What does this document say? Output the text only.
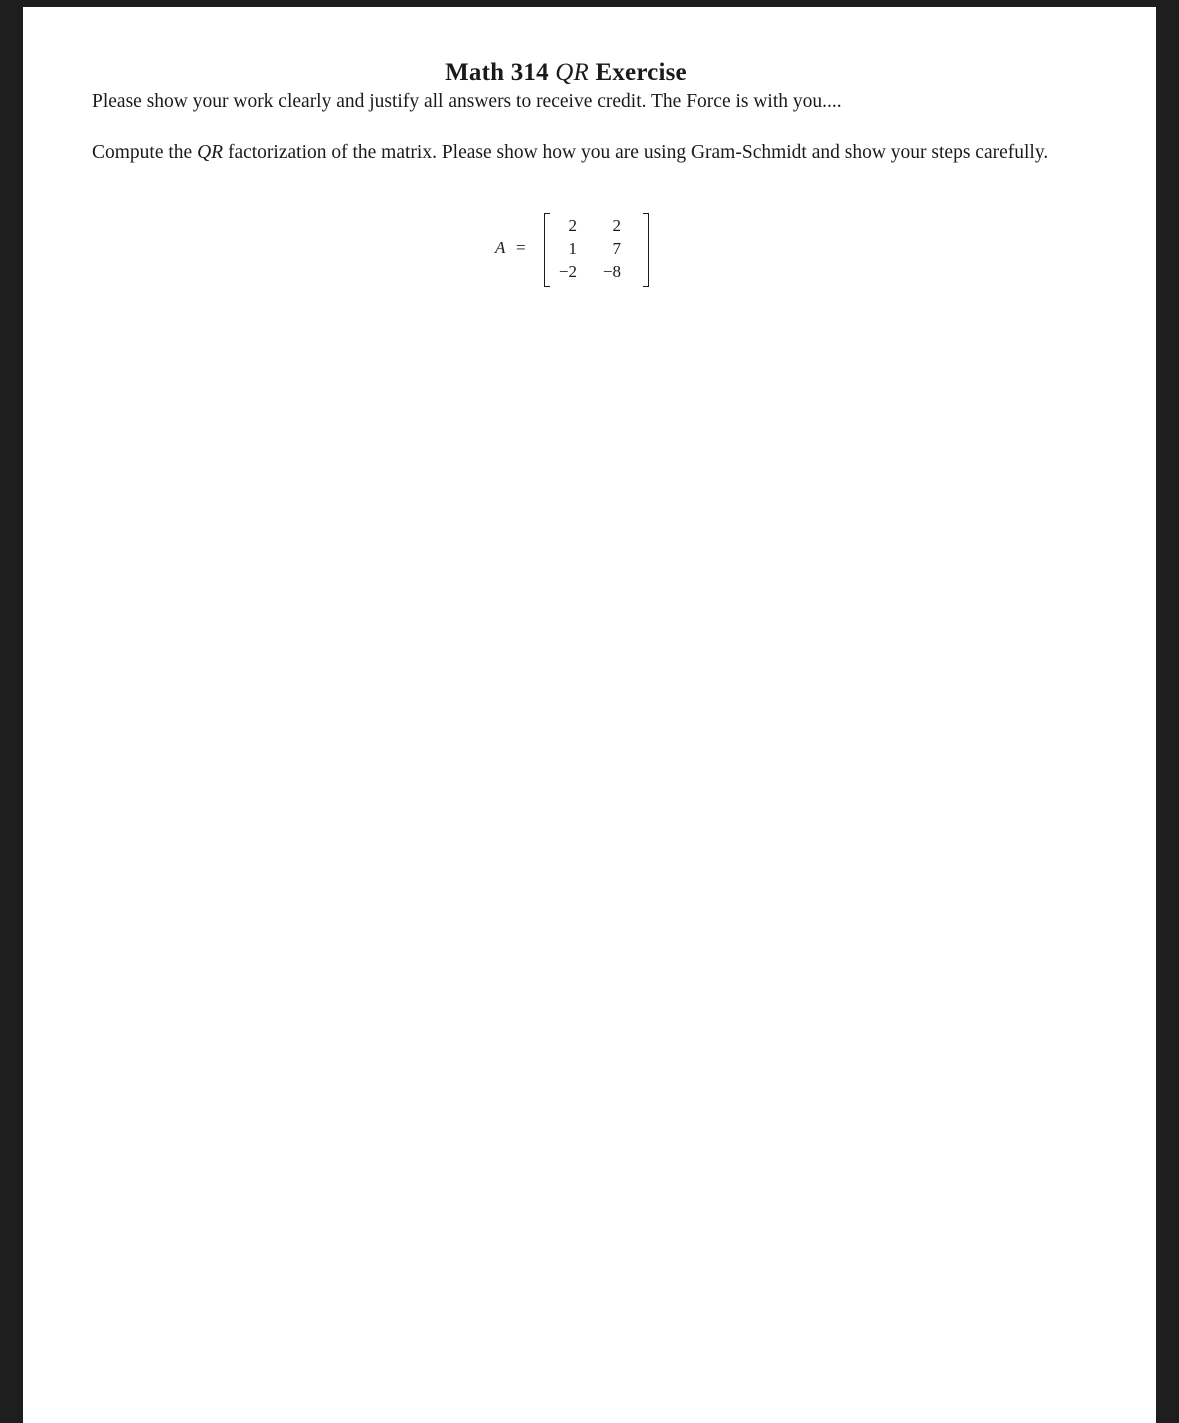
Math 314 QR Exercise

Please show your work clearly and justify all answers to receive credit. The Force is with you....

Compute the QR factorization of the matrix. Please show how you are using Gram-Schmidt and show your steps carefully.

A =
2	2
1	7
−2	−8
